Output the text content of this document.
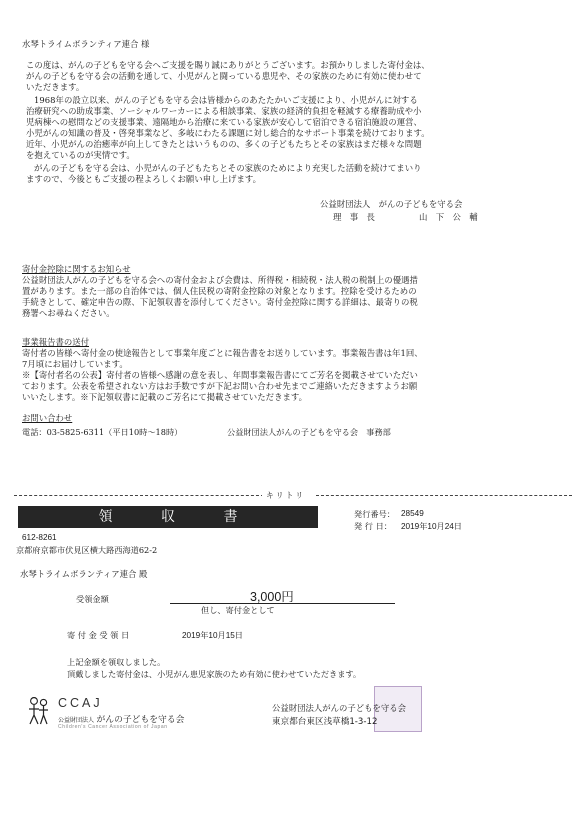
水琴トライムボランティア連合 様
この度は、がんの子どもを守る会へご支援を賜り誠にありがとうございます。お預かりしました寄付金は、
がんの子どもを守る会の活動を通して、小児がんと闘っている患児や、その家族のために有効に使わせて
いただきます。
1968年の設立以来、がんの子どもを守る会は皆様からのあたたかいご支援により、小児がんに対する
治療研究への助成事業、ソーシャルワーカーによる相談事業、家族の経済的負担を軽減する療養助成や小
児病棟への慰問などの支援事業、遠隔地から治療に来ている家族が安心して宿泊できる宿泊施設の運営、
小児がんの知識の普及・啓発事業など、多岐にわたる課題に対し総合的なサポート事業を続けております。
近年、小児がんの治癒率が向上してきたとはいうものの、多くの子どもたちとその家族はまだ様々な問題
を抱えているのが実情です。
がんの子どもを守る会は、小児がんの子どもたちとその家族のためにより充実した活動を続けてまいり
ますので、今後ともご支援の程よろしくお願い申し上げます。
公益財団法人　がんの子どもを守る会
理　事　長	山　下　公　輔
寄付金控除に関するお知らせ
公益財団法人がんの子どもを守る会への寄付金および会費は、所得税・相続税・法人税の税制上の優遇措
置があります。また一部の自治体では、個人住民税の寄附金控除の対象となります。控除を受けるための
手続きとして、確定申告の際、下記領収書を添付してください。寄付金控除に関する詳細は、最寄りの税
務署へお尋ねください。
事業報告書の送付
寄付者の皆様へ寄付金の使途報告として事業年度ごとに報告書をお送りしています。事業報告書は年1回、
7月頃にお届けしています。
※【寄付者名の公表】寄付者の皆様へ感謝の意を表し、年間事業報告書にてご芳名を掲載させていただい
ております。公表を希望されない方はお手数ですが下記お問い合わせ先までご連絡いただきますようお願
いいたします。※下記領収書に記載のご芳名にて掲載させていただきます。
お問い合わせ
電話：03-5825-6311（平日10時〜18時）	公益財団法人がんの子どもを守る会　事務部
キリトリ
領 収 書	発行番号： 28549
発 行 日： 2019年10月24日
612-8261
京都府京都市伏見区横大路西海道62-2
水琴トライムボランティア連合 殿
受領金額	3,000円
但し、寄付金として
寄 付 金 受 領 日	2019年10月15日
上記金額を領収しました。
頂戴しました寄付金は、小児がん患児家族のため有効に使わせていただきます。
CCAJ
公益財団法人 がんの子どもを守る会
Children's Cancer Association of Japan
公益財団法人がんの子どもを守る会
東京都台東区浅草橋1-3-12
